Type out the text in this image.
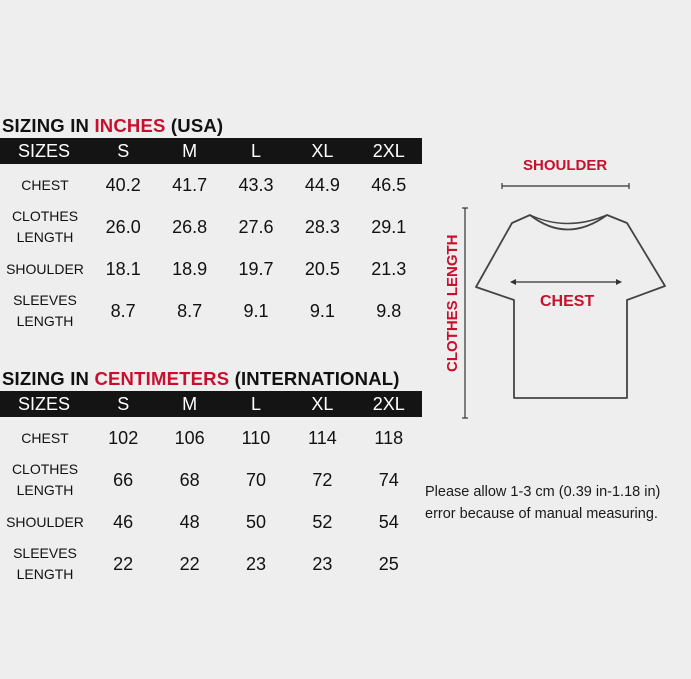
SIZING IN INCHES (USA)
SIZES	S	M	L	XL	2XL
CHEST	40.2	41.7	43.3	44.9	46.5
CLOTHES
LENGTH	26.0	26.8	27.6	28.3	29.1
SHOULDER	18.1	18.9	19.7	20.5	21.3
SLEEVES
LENGTH	8.7	8.7	9.1	9.1	9.8
SIZING IN CENTIMETERS (INTERNATIONAL)
SIZES	S	M	L	XL	2XL
CHEST	102	106	110	114	118
CLOTHES
LENGTH	66	68	70	72	74
SHOULDER	46	48	50	52	54
SLEEVES
LENGTH	22	22	23	23	25
SHOULDER
CHEST
CLOTHES LENGTH
Please allow 1-3 cm (0.39 in-1.18 in)
error because of manual measuring.
